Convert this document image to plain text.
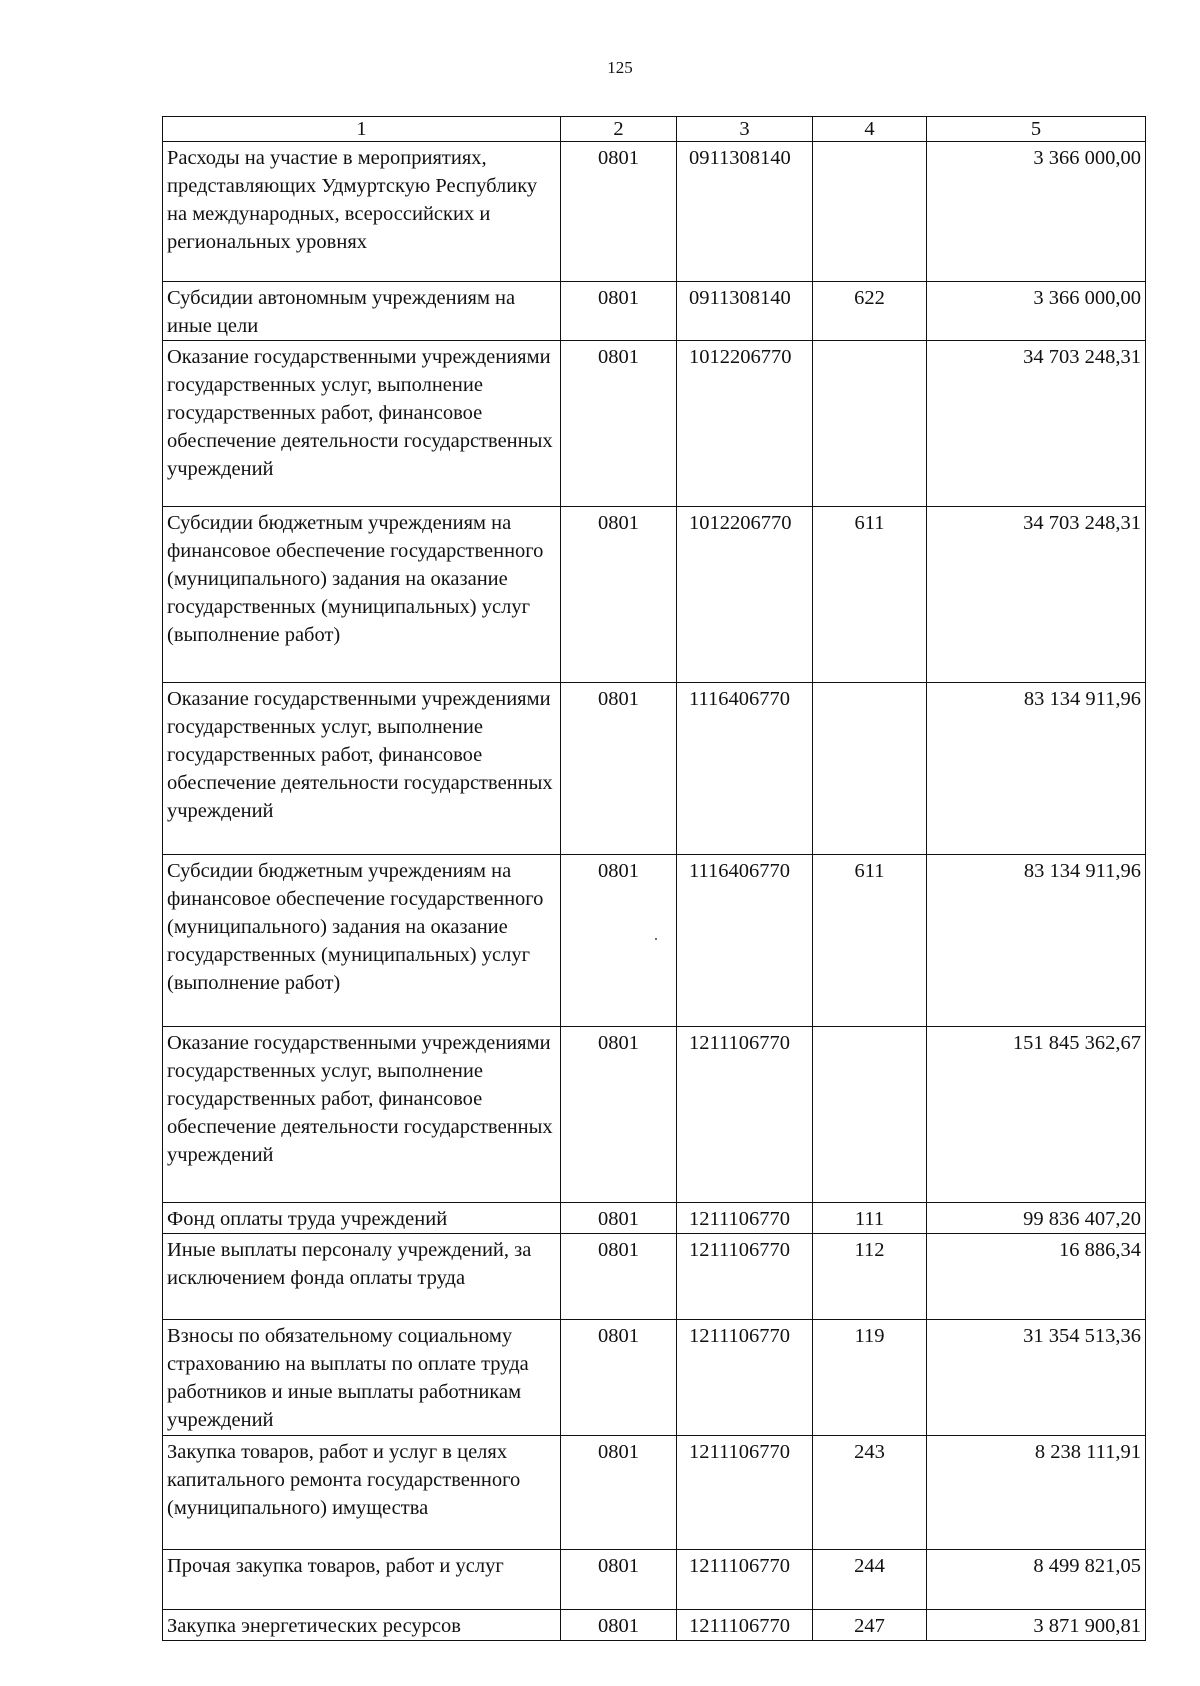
125
1	2	3	4	5
Расходы на участие в мероприятиях, представляющих Удмуртскую Республику на международных, всероссийских и региональных уровнях	0801	0911308140		3 366 000,00
Субсидии автономным учреждениям на иные цели	0801	0911308140	622	3 366 000,00
Оказание государственными учреждениями государственных услуг, выполнение государственных работ, финансовое обеспечение деятельности государственных учреждений	0801	1012206770		34 703 248,31
Субсидии бюджетным учреждениям на финансовое обеспечение государственного (муниципального) задания на оказание государственных (муниципальных) услуг (выполнение работ)	0801	1012206770	611	34 703 248,31
Оказание государственными учреждениями государственных услуг, выполнение государственных работ, финансовое обеспечение деятельности государственных учреждений	0801	1116406770		83 134 911,96
Субсидии бюджетным учреждениям на финансовое обеспечение государственного (муниципального) задания на оказание государственных (муниципальных) услуг (выполнение работ)	0801	1116406770	611	83 134 911,96
Оказание государственными учреждениями государственных услуг, выполнение государственных работ, финансовое обеспечение деятельности государственных учреждений	0801	1211106770		151 845 362,67
Фонд оплаты труда учреждений	0801	1211106770	111	99 836 407,20
Иные выплаты персоналу учреждений, за исключением фонда оплаты труда	0801	1211106770	112	16 886,34
Взносы по обязательному социальному страхованию на выплаты по оплате труда работников и иные выплаты работникам учреждений	0801	1211106770	119	31 354 513,36
Закупка товаров, работ и услуг в целях капитального ремонта государственного (муниципального) имущества	0801	1211106770	243	8 238 111,91
Прочая закупка товаров, работ и услуг	0801	1211106770	244	8 499 821,05
Закупка энергетических ресурсов	0801	1211106770	247	3 871 900,81
